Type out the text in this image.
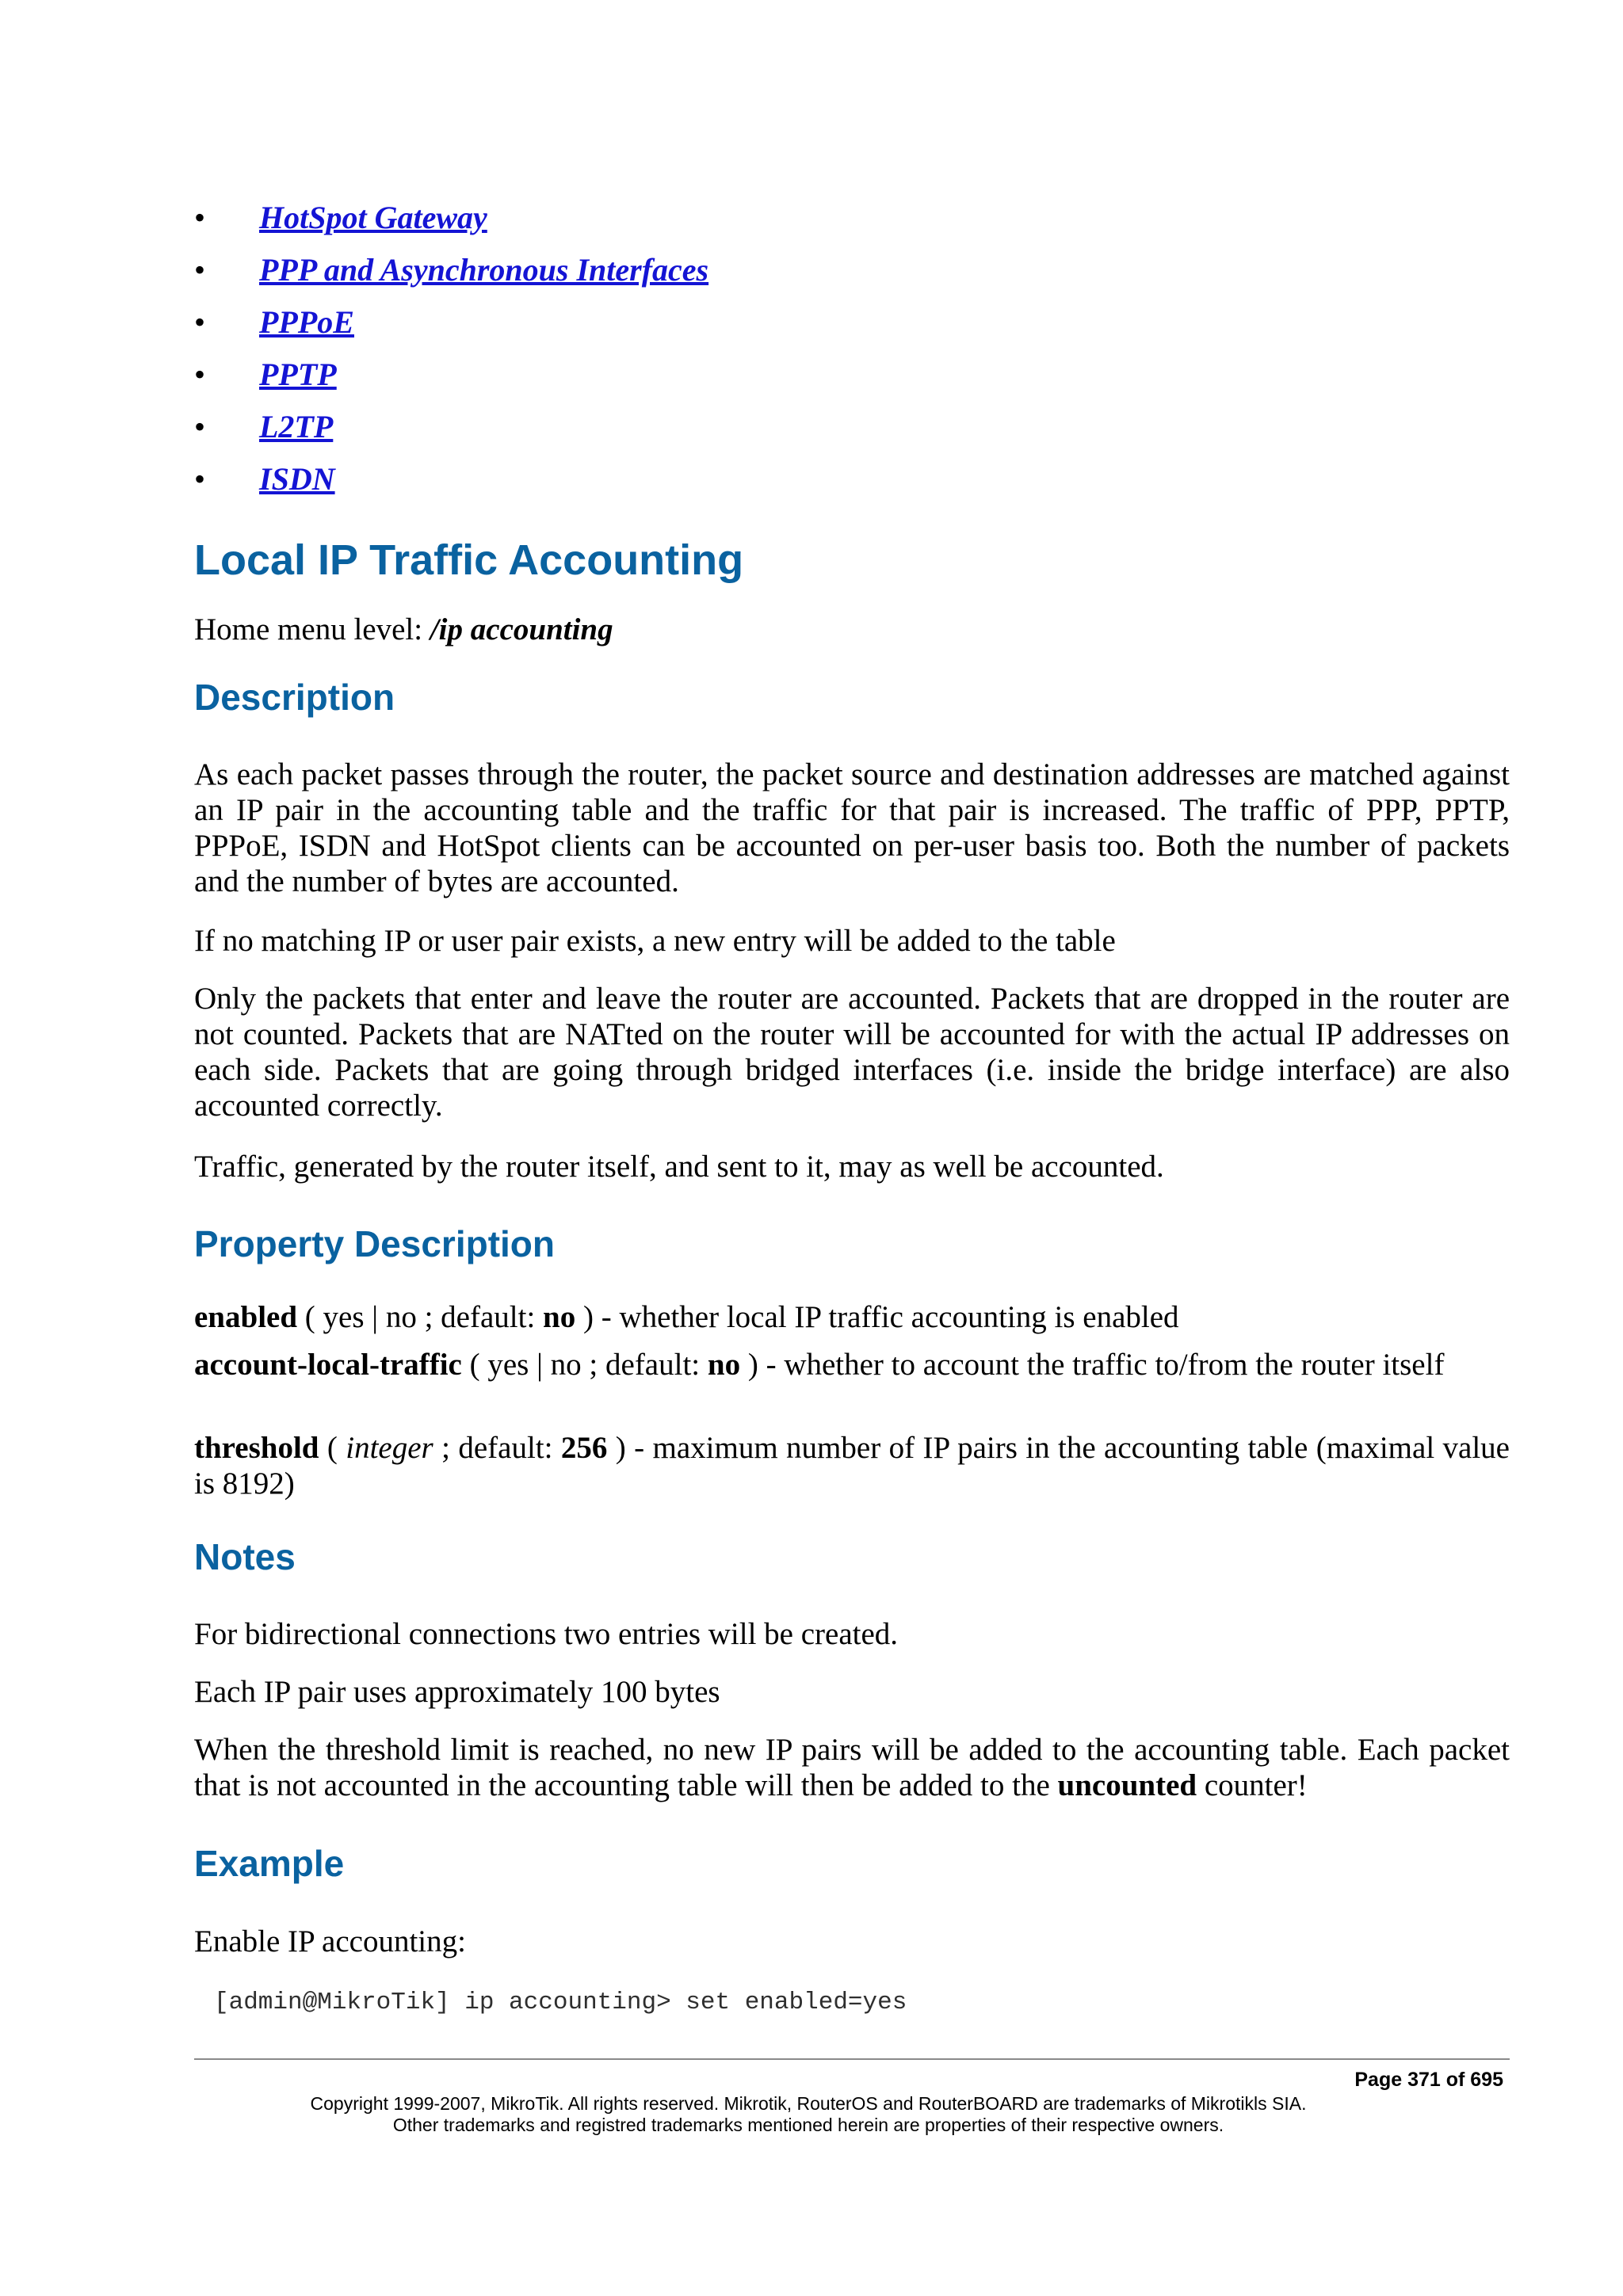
•	HotSpot Gateway
•	PPP and Asynchronous Interfaces
•	PPPoE
•	PPTP
•	L2TP
•	ISDN
Local IP Traffic Accounting

Home menu level: /ip accounting

Description

As each packet passes through the router, the packet source and destination addresses are matched against an IP pair in the accounting table and the traffic for that pair is increased. The traffic of PPP, PPTP, PPPoE, ISDN and HotSpot clients can be accounted on per-user basis too. Both the number of packets and the number of bytes are accounted.

If no matching IP or user pair exists, a new entry will be added to the table

Only the packets that enter and leave the router are accounted. Packets that are dropped in the router are not counted. Packets that are NATted on the router will be accounted for with the actual IP addresses on each side. Packets that are going through bridged interfaces (i.e. inside the bridge interface) are also accounted correctly.

Traffic, generated by the router itself, and sent to it, may as well be accounted.

Property Description

enabled ( yes | no ; default: no ) - whether local IP traffic accounting is enabled

account-local-traffic ( yes | no ; default: no ) - whether to account the traffic to/from the router itself

threshold ( integer ; default: 256 ) - maximum number of IP pairs in the accounting table (maximal value is 8192)

Notes

For bidirectional connections two entries will be created.

Each IP pair uses approximately 100 bytes

When the threshold limit is reached, no new IP pairs will be added to the accounting table. Each packet that is not accounted in the accounting table will then be added to the uncounted counter!

Example

Enable IP accounting:

[admin@MikroTik] ip accounting> set enabled=yes
Page 371 of 695
Copyright 1999-2007, MikroTik. All rights reserved. Mikrotik, RouterOS and RouterBOARD are trademarks of Mikrotikls SIA.
Other trademarks and registred trademarks mentioned herein are properties of their respective owners.
